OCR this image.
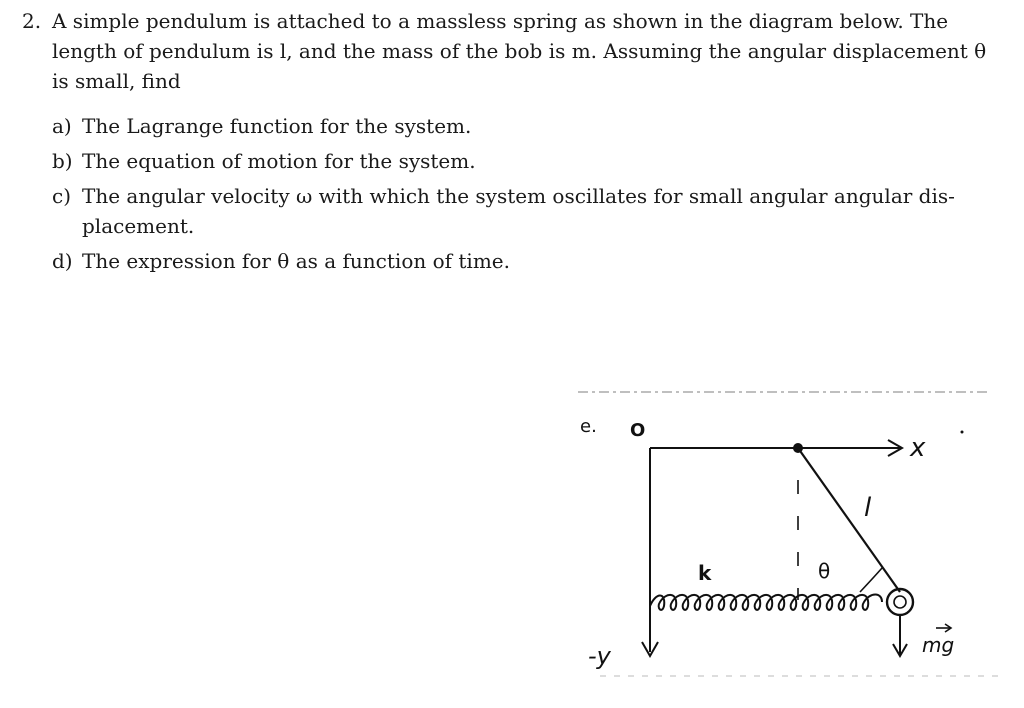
2. A simple pendulum is attached to a massless spring as shown in the diagram below. The length of pendulum is l, and the mass of the bob is m. Assuming the angular displacement θ is small, find
a) The Lagrange function for the system.
b) The equation of motion for the system.
c) The angular velocity ω with which the system oscillates for small angular angular dis-placement.
d) The expression for θ as a function of time.
e. O
x
-y
l
θ
k
mg
